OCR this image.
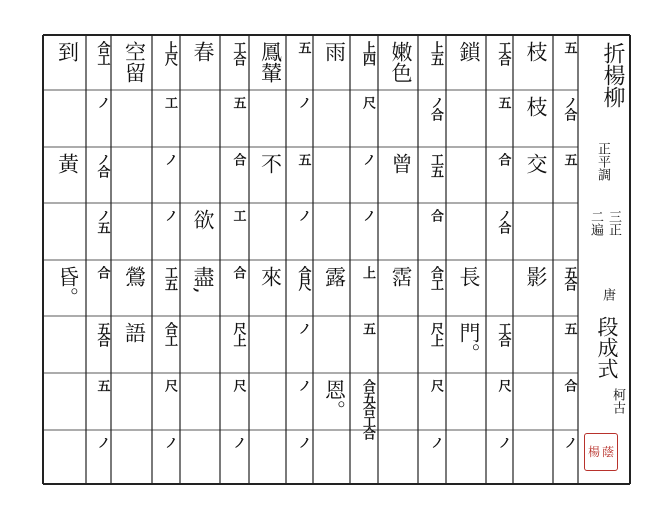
折楊柳
正平調
三正
二遍
唐
段成式
柯古
楊 蔭
五
ノ合
五
五合
五
合
ノ
枝
枝
交
影
工合
五
合
ノ合
工合
尺
ノ
鎖
長
門。
上五
ノ合
工五
合
合工
尺上
尺
ノ
嫩色
曾
霑
上四
尺
ノ
ノ
上
五
合五合工合
雨
露
恩。
五
ノ
五
ノ
合尺
ノ
ノ
ノ
鳳輦
不
來
工合
五
合
工
合
尺上
尺
ノ
春
欲
盡,
上尺
工
ノ
ノ
工五
合工
尺
ノ
空留
鶯
語
合工
ノ
ノ合
ノ五
合
五合
五
ノ
到
黃
昏。
